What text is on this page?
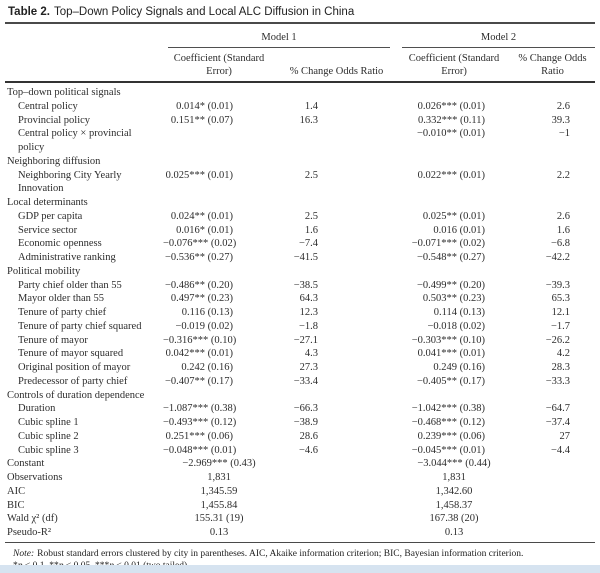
Table 2. Top–Down Policy Signals and Local ALC Diffusion in China

	Model 1		Model 2	

	Coefficient (Standard Error)	% Change Odds Ratio	Coefficient (Standard Error)	% Change Odds Ratio
Top–down political signals				

Central policy	0.014* (0.01)	1.4	0.026*** (0.01)	2.6

Provincial policy	0.151** (0.07)	16.3	0.332*** (0.11)	39.3

Central policy × provincial
policy			−0.010** (0.01)	−1
Neighboring diffusion				

Neighboring City Yearly
Innovation	0.025*** (0.01)	2.5	0.022*** (0.01)	2.2
Local determinants				

GDP per capita	0.024** (0.01)	2.5	0.025** (0.01)	2.6

Service sector	0.016* (0.01)	1.6	0.016 (0.01)	1.6

Economic openness	−0.076*** (0.02)	−7.4	−0.071*** (0.02)	−6.8

Administrative ranking	−0.536** (0.27)	−41.5	−0.548** (0.27)	−42.2
Political mobility				

Party chief older than 55	−0.486** (0.20)	−38.5	−0.499** (0.20)	−39.3

Mayor older than 55	0.497** (0.23)	64.3	0.503** (0.23)	65.3

Tenure of party chief	0.116 (0.13)	12.3	0.114 (0.13)	12.1

Tenure of party chief squared	−0.019 (0.02)	−1.8	−0.018 (0.02)	−1.7

Tenure of mayor	−0.316*** (0.10)	−27.1	−0.303*** (0.10)	−26.2

Tenure of mayor squared	0.042*** (0.01)	4.3	0.041*** (0.01)	4.2

Original position of mayor	0.242 (0.16)	27.3	0.249 (0.16)	28.3

Predecessor of party chief	−0.407** (0.17)	−33.4	−0.405** (0.17)	−33.3
Controls of duration dependence				

Duration	−1.087*** (0.38)	−66.3	−1.042*** (0.38)	−64.7

Cubic spline 1	−0.493*** (0.12)	−38.9	−0.468*** (0.12)	−37.4

Cubic spline 2	0.251*** (0.06)	28.6	0.239*** (0.06)	27

Cubic spline 3	−0.048*** (0.01)	−4.6	−0.045*** (0.01)	−4.4

Constant	−2.969*** (0.43)		−3.044*** (0.44)	

Observations	1,831		1,831	

AIC	1,345.59		1,342.60	

BIC	1,455.84		1,458.37	

Wald χ² (df)	155.31 (19)		167.38 (20)	

Pseudo-R²	0.13		0.13	
Note: Robust standard errors clustered by city in parentheses. AIC, Akaike information criterion; BIC, Bayesian information criterion.
